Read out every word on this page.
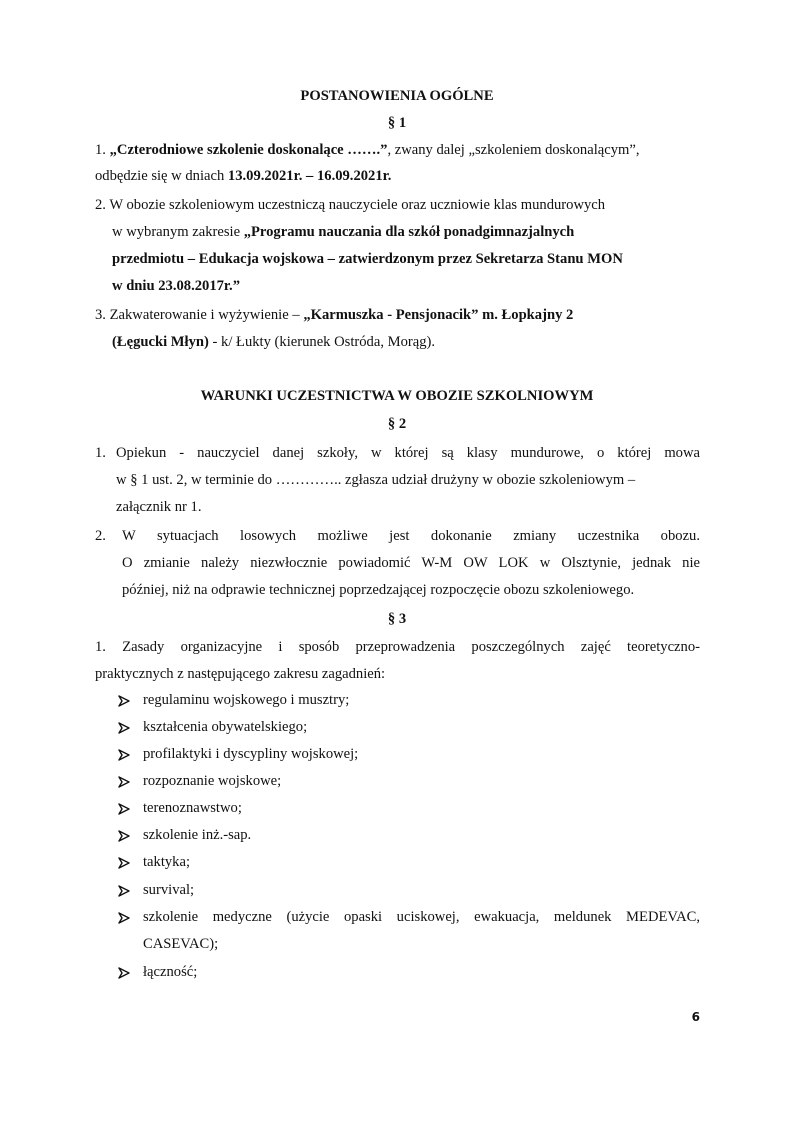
POSTANOWIENIA OGÓLNE
§ 1
1. „Czterodniowe szkolenie doskonalące …….”, zwany dalej „szkoleniem doskonalącym”,
odbędzie się w dniach 13.09.2021r. – 16.09.2021r.
2. W obozie szkoleniowym uczestniczą nauczyciele oraz uczniowie klas mundurowych
w wybranym zakresie „Programu nauczania dla szkół ponadgimnazjalnych
przedmiotu – Edukacja wojskowa – zatwierdzonym przez Sekretarza Stanu MON
w dniu 23.08.2017r.”
3. Zakwaterowanie i wyżywienie – „Karmuszka - Pensjonacik” m. Łopkajny 2
(Łęgucki Młyn) - k/ Łukty (kierunek Ostróda, Morąg).
WARUNKI UCZESTNICTWA W OBOZIE SZKOLNIOWYM
§ 2
1. Opiekun - nauczyciel danej szkoły, w której są klasy mundurowe, o której mowa
w § 1 ust. 2, w terminie do ………….. zgłasza udział drużyny w obozie szkoleniowym –
załącznik nr 1.
2. W sytuacjach losowych możliwe jest dokonanie zmiany uczestnika obozu.
O zmianie należy niezwłocznie powiadomić W-M OW LOK w Olsztynie, jednak nie
później, niż na odprawie technicznej poprzedzającej rozpoczęcie obozu szkoleniowego.
§ 3
1. Zasady organizacyjne i sposób przeprowadzenia poszczególnych zajęć teoretyczno-
praktycznych z następującego zakresu zagadnień:
regulaminu wojskowego i musztry;
kształcenia obywatelskiego;
profilaktyki i dyscypliny wojskowej;
rozpoznanie wojskowe;
terenoznawstwo;
szkolenie inż.-sap.
taktyka;
survival;
szkolenie medyczne (użycie opaski uciskowej, ewakuacja, meldunek MEDEVAC,
CASEVAC);
łączność;
6
